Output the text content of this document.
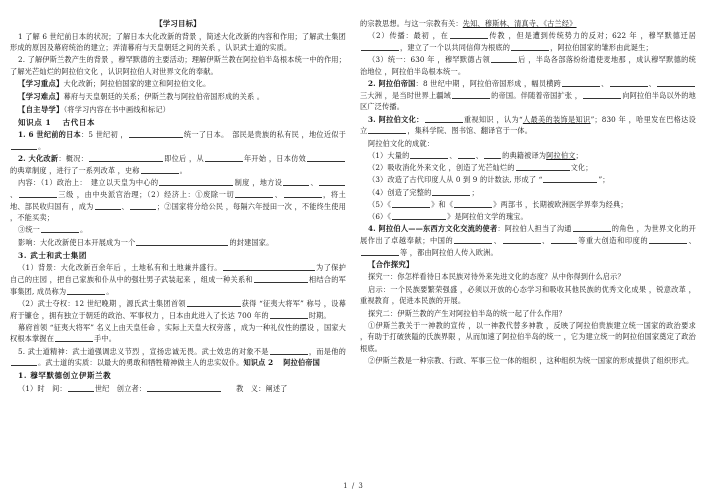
【学习目标】
1 了解 6 世纪前日本的状况；了解日本大化改新的背景 ，简述大化改新的内容和作用；了解武士集团形成的原因及幕府统治的建立；弄清幕府与天皇朝廷之间的关系 ，认识武士道的实质。
2. 了解伊斯兰教产生的背景 ，穆罕默德的主要活动；理解伊斯兰教在阿拉伯半岛根本统一中的作用；了解光芒灿烂的阿拉伯文化 ，认识阿拉伯人对世界文化的奉献。
【学习重点】大化改新；阿拉伯国家的建立和阿拉伯文化。
【学习难点】幕府与天皇朝廷的关系；伊斯兰教与阿拉伯帝国形成的关系 。
【自主导学】（将学习内容在书中画线和标记）
知识点 1　 古代日本
1. 6 世纪前的日本：5 世纪初 ，	统一了日本。　部民是贵族的私有民 ，地位近似于。
2. 大化改新：概况：	即位后 ，从	年开始 ，日本仿效的典章制度 ，进行了一系列改革 ，史称	。
内容：（1）政治上：　建立以天皇为中心的	制度 ，地方设	、、	三级 ，由中央派官治理；（2）经济上：①废除一切	、	，将土地、部民收归国有 ，成为	、	；②国家将分给公民 ，每隔六年授田一次 ，不能终生使用 ，不能买卖；
③统一	。
影响：大化改新使日本开展成为一个	的封建国家。
3. 武士和武士集团
（1）背景：大化改新百余年后 ，土地私有和土地兼并盛行。	为了保护自己的庄园 ，把自己家族和仆从中的强壮男子武装起来 ，组成一种关系和	相结合的军事集团, 成员称为	。
（2）武士夺权：12 世纪晚期 ，源氏武士集团首领	获得 “征夷大将军” 称号 ，设幕府于镰仓 ，拥有独立于朝廷的政治、军事权力 ，日本由此进入了长达 700 年的	时期。
幕府首领 “征夷大将军” 名义上由天皇任命 ，实际上天皇大权旁落 ，成为一种礼仪性的摆设 ，国家大权根本掌握在	手中。
5. 武士道精神：武士道强调忠义节烈 ，宣扬忠诚无畏。武士效忠的对象不是	，而是他的。武士道的实质：以最大的勇敢和牺牲精神做主人的忠实奴仆。知识点 2　 阿拉伯帝国
1. 穆罕默德创立伊斯兰教
（1）时　间：	世纪　创立者：	教　义：阐述了
的宗教思想。与这一宗教有关：先知、穆斯林、清真寺、《古兰经》
（2）传播：最初 ，在	传教 ，但是遭到传统势力的反对；622 年 ，穆罕默德迁居，建立了一个以共同信仰为根底的	，阿拉伯国家的雏形由此诞生；
（3）统一：630 年 ，穆罕默德占领	后 ，半岛各部落纷纷遣使麦地那 ，成认穆罕默德的统治地位 ，阿拉伯半岛根本统一。
2. 阿拉伯帝国：8 世纪中期 ，阿拉伯帝国形成 ，幅员横跨	、	、三大洲 ，是当时世界上疆域	的帝国。伴随着帝国扩张 ，	向阿拉伯半岛以外的地区广泛传播。
3. 阿拉伯文化：	重视知识 ，认为“人最美的装饰是知识”；830 年 ，哈里发在巴格达设立	，集科学院、图书馆、翻译官于一体。
阿拉伯文化的成就：
（1）大量的	、	、	的典籍被译为阿拉伯文；
（2）吸收消化外来文化 ，创造了光芒灿烂的	文化；
（3）改造了古代印度人从 0 到 9 的计数法, 形成了 “	”；
（4）创造了完整的	；
（5）《	》和《	》两部书 ，长期被欧洲医学界奉为经典；
（6）《	》是阿拉伯文学的瑰宝。
4. 阿拉伯人——东西方文化交流的使者：阿拉伯人担当了沟通	的角色 ，为世界文化的开展作出了卓越奉献；中国的	、	、	等重大创造和印度的	、等 ，都由阿拉伯人传入欧洲。
【合作探究】
探究一：你怎样看待日本民族对待外来先进文化的态度？从中你得到什么启示？
启示：一个民族要繁荣强盛 ，必须以开放的心态学习和吸收其他民族的优秀文化成果 ，锐意改革 ，重视教育 ，促进本民族的开展。
探究二：伊斯兰教的产生对阿拉伯半岛的统一起了什么作用？
①伊斯兰教关于一神教的宣传 ，以一神教代替多神教 ，反映了阿拉伯贵族建立统一国家的政治要求 ，有助于打破狭隘的氏族界限 ，从而加速了阿拉伯半岛的统一 ，它为建立统一的阿拉伯国家奠定了政治根底。
②伊斯兰教是一种宗教、行政、军事三位一体的组织 ，这种组织为统一国家的形成提供了组织形式。
1 / 3
